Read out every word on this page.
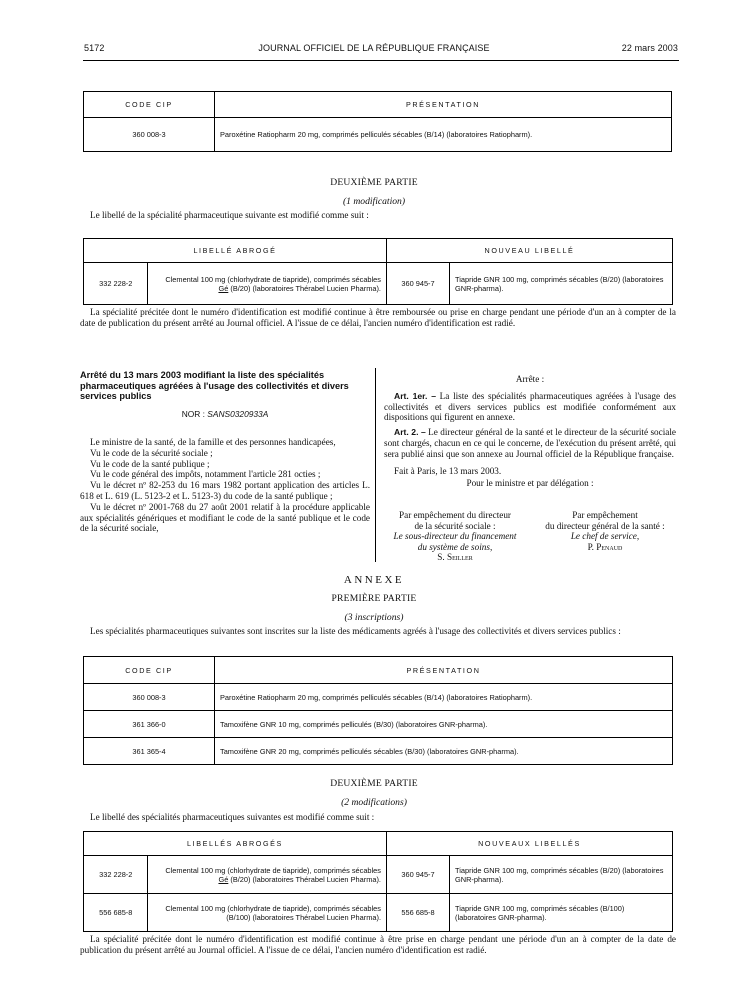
5172	JOURNAL OFFICIEL DE LA RÉPUBLIQUE FRANÇAISE	22 mars 2003
CODE CIP	PRÉSENTATION
360 008-3	Paroxétine Ratiopharm 20 mg, comprimés pelliculés sécables (B/14) (laboratoires Ratiopharm).
DEUXIÈME PARTIE
(1 modification)
Le libellé de la spécialité pharmaceutique suivante est modifié comme suit :
LIBELLÉ ABROGÉ		NOUVEAU LIBELLÉ	
332 228-2	Clemental 100 mg (chlorhydrate de tiapride), comprimés sécables Gé (B/20) (laboratoires Thérabel Lucien Pharma).	360 945-7	Tiapride GNR 100 mg, comprimés sécables (B/20) (laboratoires GNR-pharma).
La spécialité précitée dont le numéro d'identification est modifié continue à être remboursée ou prise en charge pendant une période d'un an à compter de la date de publication du présent arrêté au Journal officiel. A l'issue de ce délai, l'ancien numéro d'identification est radié.
Arrêté du 13 mars 2003 modifiant la liste des spécialités pharmaceutiques agréées à l'usage des collectivités et divers services publics
NOR : SANS0320933A

Le ministre de la santé, de la famille et des personnes handicapées,

Vu le code de la sécurité sociale ;

Vu le code de la santé publique ;

Vu le code général des impôts, notamment l'article 281 octies ;

Vu le décret nº 82-253 du 16 mars 1982 portant application des articles L. 618 et L. 619 (L. 5123-2 et L. 5123-3) du code de la santé publique ;

Vu le décret nº 2001-768 du 27 août 2001 relatif à la procédure applicable aux spécialités génériques et modifiant le code de la santé publique et le code de la sécurité sociale,

Arrête :

Art. 1er. – La liste des spécialités pharmaceutiques agréées à l'usage des collectivités et divers services publics est modifiée conformément aux dispositions qui figurent en annexe.

Art. 2. – Le directeur général de la santé et le directeur de la sécurité sociale sont chargés, chacun en ce qui le concerne, de l'exécution du présent arrêté, qui sera publié ainsi que son annexe au Journal officiel de la République française.

Fait à Paris, le 13 mars 2003.

Pour le ministre et par délégation :

Par empêchement du directeur
de la sécurité sociale :
Le sous-directeur du financement
du système de soins,
S. Seiller
Par empêchement
du directeur général de la santé :
Le chef de service,
P. Penaud
ANNEXE
PREMIÈRE PARTIE
(3 inscriptions)
Les spécialités pharmaceutiques suivantes sont inscrites sur la liste des médicaments agréés à l'usage des collectivités et divers services publics :
CODE CIP	PRÉSENTATION
360 008-3	Paroxétine Ratiopharm 20 mg, comprimés pelliculés sécables (B/14) (laboratoires Ratiopharm).
361 366-0	Tamoxifène GNR 10 mg, comprimés pelliculés (B/30) (laboratoires GNR-pharma).
361 365-4	Tamoxifène GNR 20 mg, comprimés pelliculés sécables (B/30) (laboratoires GNR-pharma).
DEUXIÈME PARTIE
(2 modifications)
Le libellé des spécialités pharmaceutiques suivantes est modifié comme suit :
LIBELLÉS ABROGÉS		NOUVEAUX LIBELLÉS	
332 228-2	Clemental 100 mg (chlorhydrate de tiapride), comprimés sécables Gé (B/20) (laboratoires Thérabel Lucien Pharma).	360 945-7	Tiapride GNR 100 mg, comprimés sécables (B/20) (laboratoires GNR-pharma).
556 685-8	Clemental 100 mg (chlorhydrate de tiapride), comprimés sécables (B/100) (laboratoires Thérabel Lucien Pharma).	556 685-8	Tiapride GNR 100 mg, comprimés sécables (B/100) (laboratoires GNR-pharma).
La spécialité précitée dont le numéro d'identification est modifié continue à être prise en charge pendant une période d'un an à compter de la date de publication du présent arrêté au Journal officiel. A l'issue de ce délai, l'ancien numéro d'identification est radié.
